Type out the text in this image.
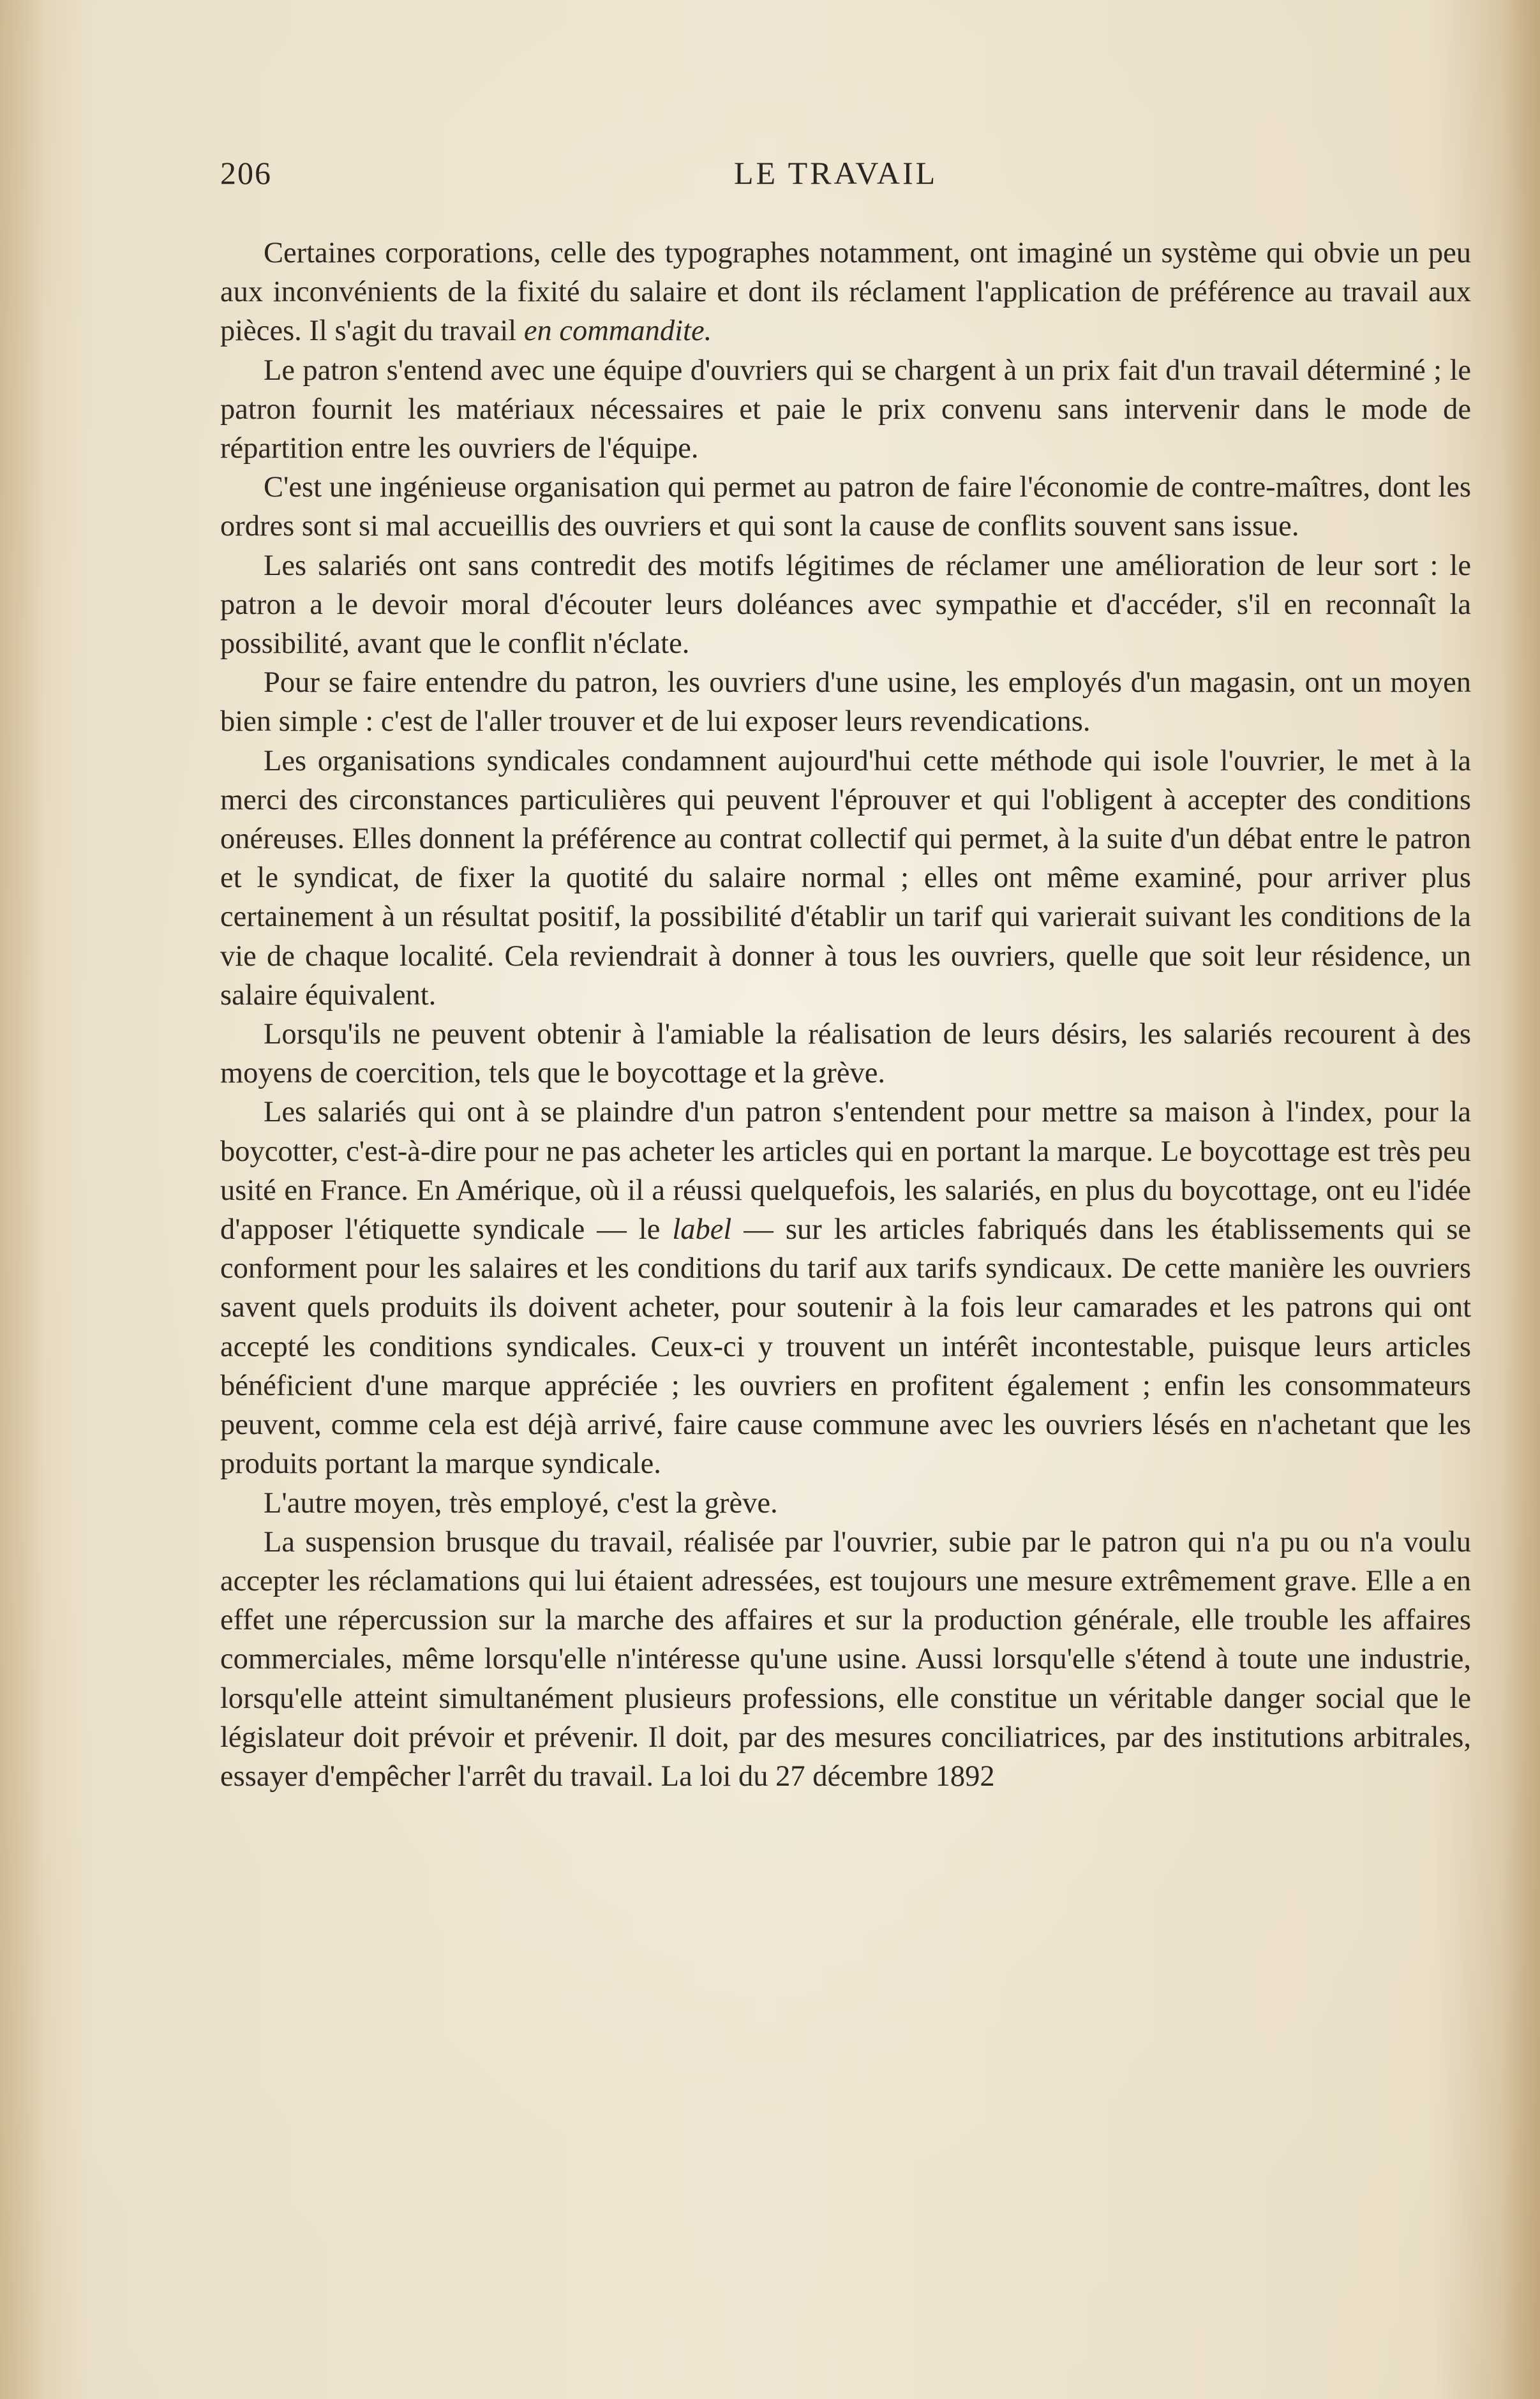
206	LE TRAVAIL

Certaines corporations, celle des typographes notamment, ont imaginé un système qui obvie un peu aux inconvénients de la fixité du salaire et dont ils réclament l'application de préférence au travail aux pièces. Il s'agit du travail en commandite.

Le patron s'entend avec une équipe d'ouvriers qui se chargent à un prix fait d'un travail déterminé ; le patron fournit les matériaux nécessaires et paie le prix convenu sans intervenir dans le mode de répartition entre les ouvriers de l'équipe.

C'est une ingénieuse organisation qui permet au patron de faire l'économie de contre-maîtres, dont les ordres sont si mal accueillis des ouvriers et qui sont la cause de conflits souvent sans issue.

Les salariés ont sans contredit des motifs légitimes de réclamer une amélioration de leur sort : le patron a le devoir moral d'écouter leurs doléances avec sympathie et d'accéder, s'il en reconnaît la possibilité, avant que le conflit n'éclate.

Pour se faire entendre du patron, les ouvriers d'une usine, les employés d'un magasin, ont un moyen bien simple : c'est de l'aller trouver et de lui exposer leurs revendications.

Les organisations syndicales condamnent aujourd'hui cette méthode qui isole l'ouvrier, le met à la merci des circonstances particulières qui peuvent l'éprouver et qui l'obligent à accepter des conditions onéreuses. Elles donnent la préférence au contrat collectif qui permet, à la suite d'un débat entre le patron et le syndicat, de fixer la quotité du salaire normal ; elles ont même examiné, pour arriver plus certainement à un résultat positif, la possibilité d'établir un tarif qui varierait suivant les conditions de la vie de chaque localité. Cela reviendrait à donner à tous les ouvriers, quelle que soit leur résidence, un salaire équivalent.

Lorsqu'ils ne peuvent obtenir à l'amiable la réalisation de leurs désirs, les salariés recourent à des moyens de coercition, tels que le boycottage et la grève.

Les salariés qui ont à se plaindre d'un patron s'entendent pour mettre sa maison à l'index, pour la boycotter, c'est-à-dire pour ne pas acheter les articles qui en portant la marque. Le boycottage est très peu usité en France. En Amérique, où il a réussi quelquefois, les salariés, en plus du boycottage, ont eu l'idée d'apposer l'étiquette syndicale — le label — sur les articles fabriqués dans les établissements qui se conforment pour les salaires et les conditions du tarif aux tarifs syndicaux. De cette manière les ouvriers savent quels produits ils doivent acheter, pour soutenir à la fois leur camarades et les patrons qui ont accepté les conditions syndicales. Ceux-ci y trouvent un intérêt incontestable, puisque leurs articles bénéficient d'une marque appréciée ; les ouvriers en profitent également ; enfin les consommateurs peuvent, comme cela est déjà arrivé, faire cause commune avec les ouvriers lésés en n'achetant que les produits portant la marque syndicale.

L'autre moyen, très employé, c'est la grève.

La suspension brusque du travail, réalisée par l'ouvrier, subie par le patron qui n'a pu ou n'a voulu accepter les réclamations qui lui étaient adressées, est toujours une mesure extrêmement grave. Elle a en effet une répercussion sur la marche des affaires et sur la production générale, elle trouble les affaires commerciales, même lorsqu'elle n'intéresse qu'une usine. Aussi lorsqu'elle s'étend à toute une industrie, lorsqu'elle atteint simultanément plusieurs professions, elle constitue un véritable danger social que le législateur doit prévoir et prévenir. Il doit, par des mesures conciliatrices, par des institutions arbitrales, essayer d'empêcher l'arrêt du travail. La loi du 27 décembre 1892
